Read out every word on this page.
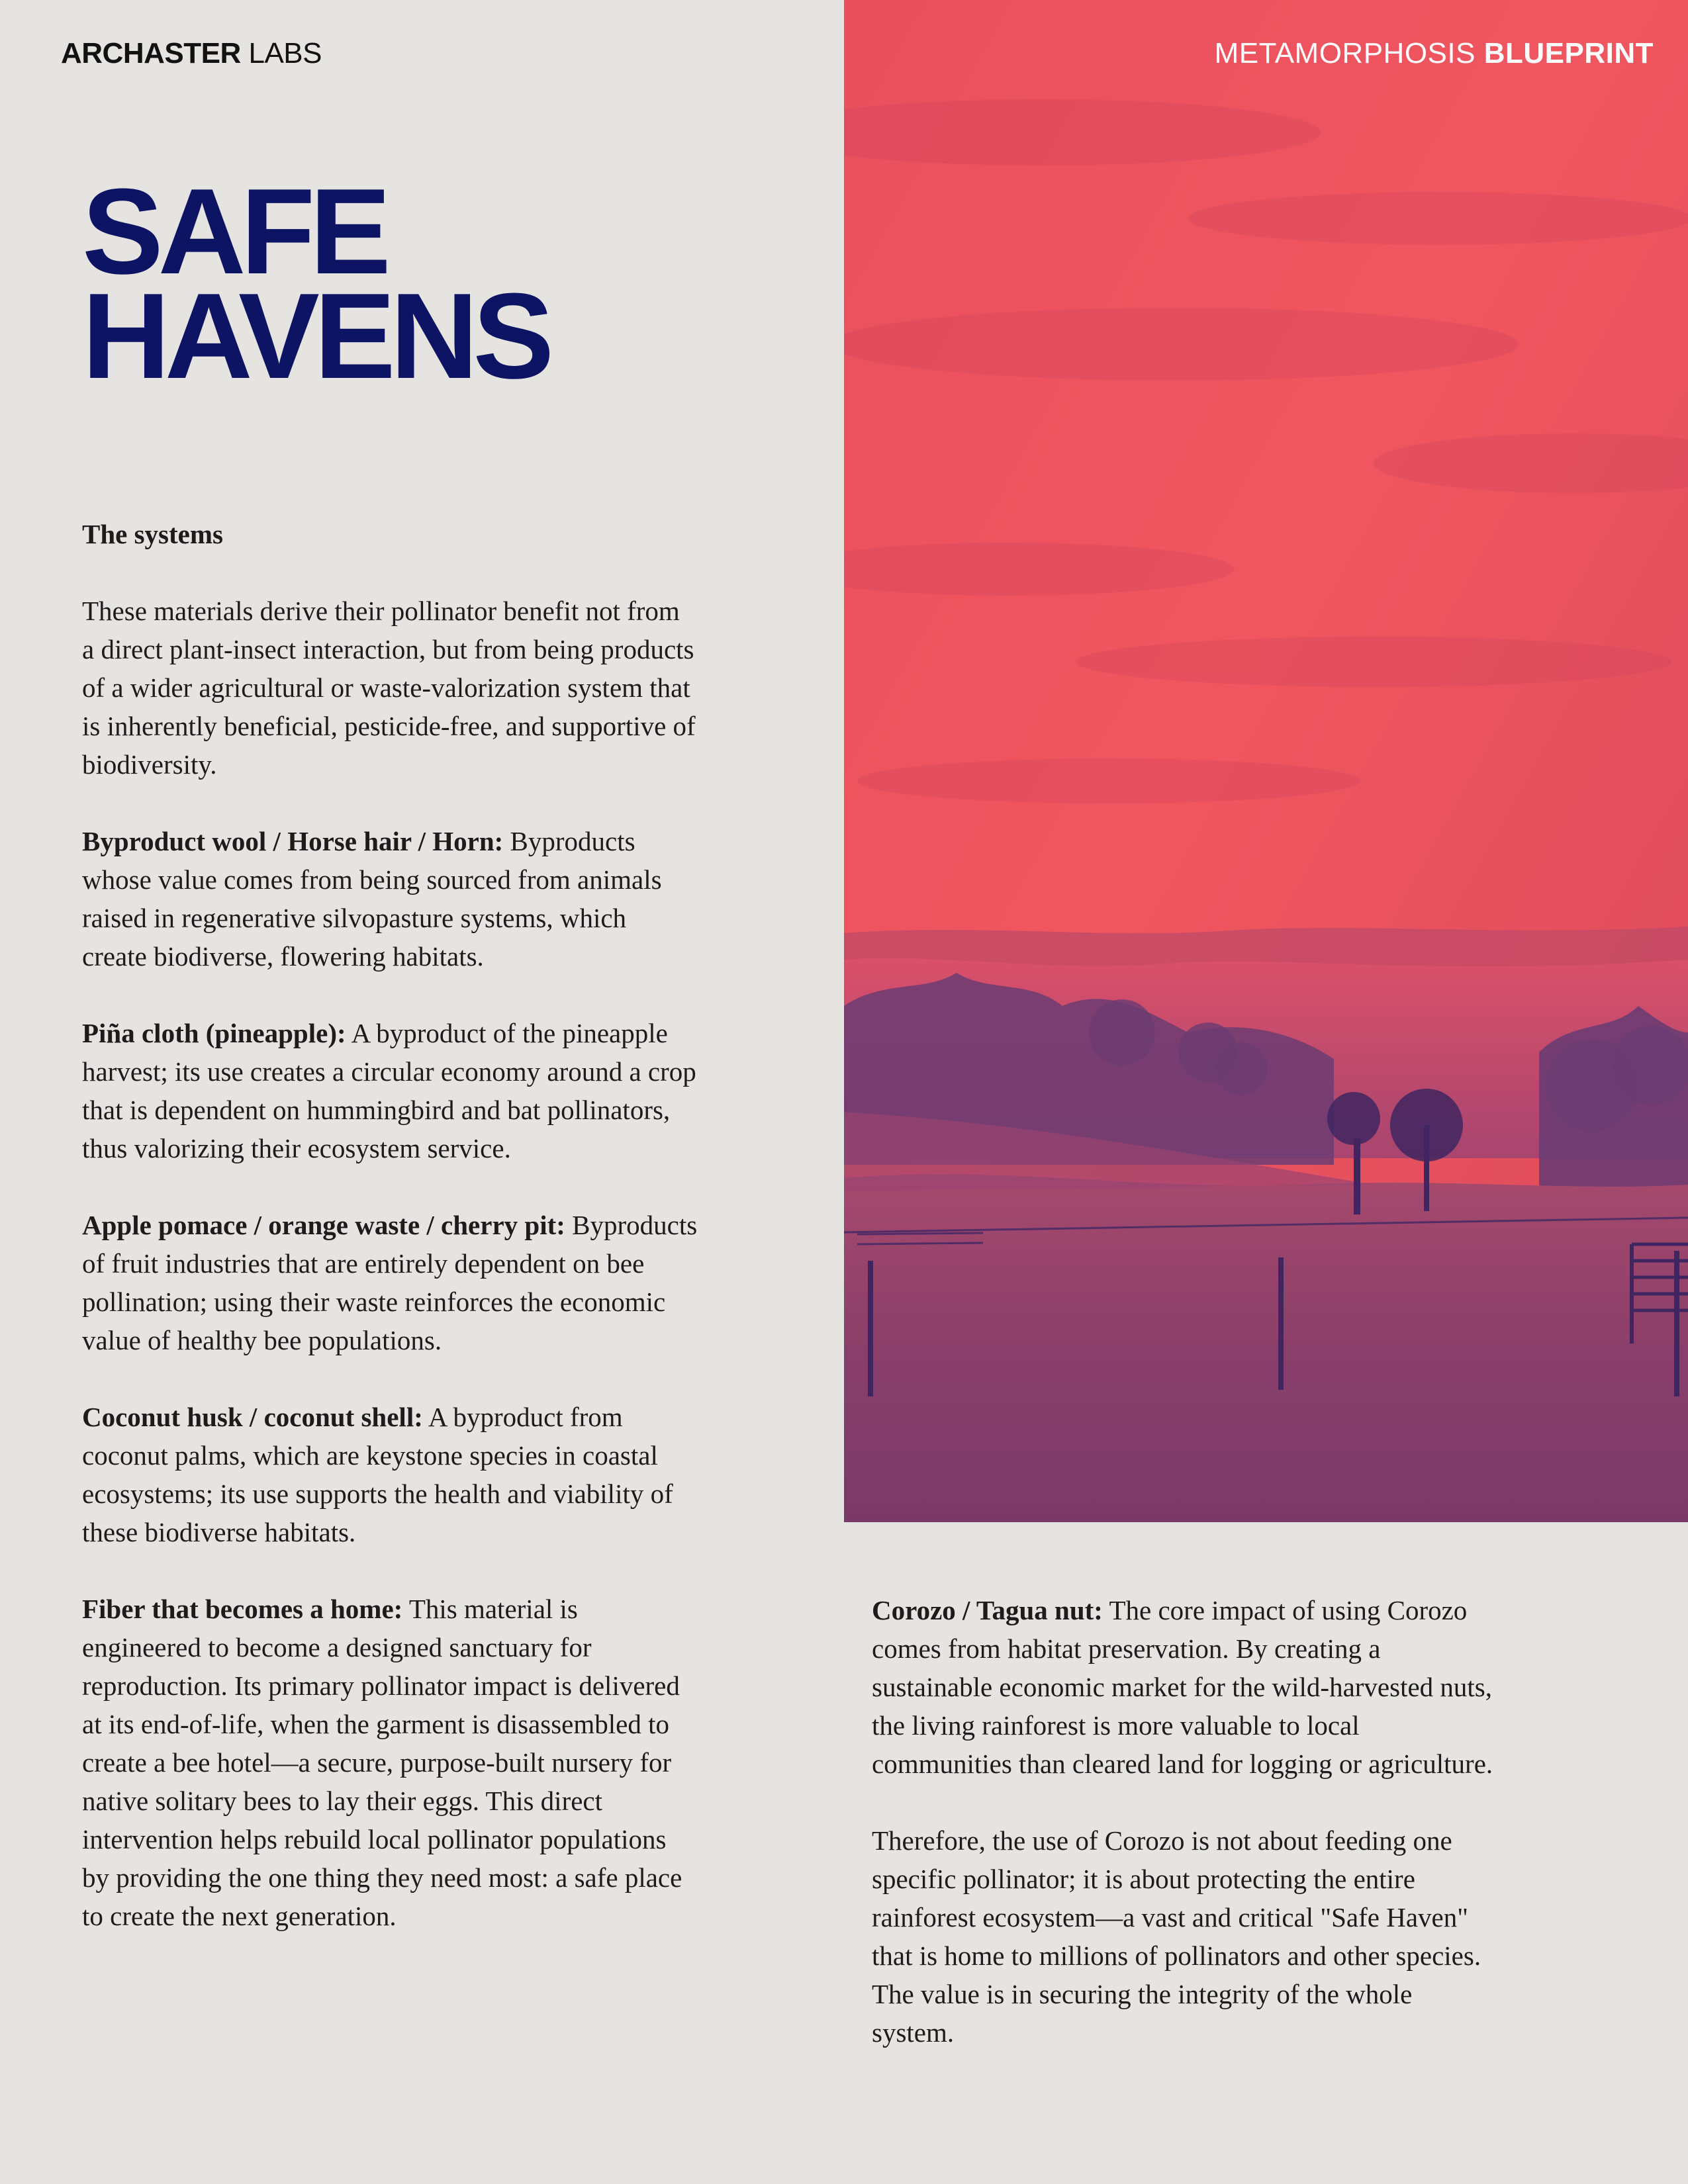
ARCHASTER LABS	METAMORPHOSIS BLUEPRINT
SAFE
HAVENS

The systems

These materials derive their pollinator benefit not from a direct plant-insect interaction, but from being products of a wider agricultural or waste-valorization system that is inherently beneficial, pesticide-free, and supportive of biodiversity.

Byproduct wool / Horse hair / Horn: Byproducts whose value comes from being sourced from animals raised in regenerative silvopasture systems, which create biodiverse, flowering habitats.

Piña cloth (pineapple): A byproduct of the pineapple harvest; its use creates a circular economy around a crop that is dependent on hummingbird and bat pollinators, thus valorizing their ecosystem service.

Apple pomace / orange waste / cherry pit: Byproducts of fruit industries that are entirely dependent on bee pollination; using their waste reinforces the economic value of healthy bee populations.

Coconut husk / coconut shell: A byproduct from coconut palms, which are keystone species in coastal ecosystems; its use supports the health and viability of these biodiverse habitats.

Fiber that becomes a home: This material is engineered to become a designed sanctuary for reproduction. Its primary pollinator impact is delivered at its end-of-life, when the garment is disassembled to create a bee hotel—a secure, purpose-built nursery for native solitary bees to lay their eggs. This direct intervention helps rebuild local pollinator populations by providing the one thing they need most: a safe place to create the next generation.

Corozo / Tagua nut: The core impact of using Corozo comes from habitat preservation. By creating a sustainable economic market for the wild-harvested nuts, the living rainforest is more valuable to local communities than cleared land for logging or agriculture.

Therefore, the use of Corozo is not about feeding one specific pollinator; it is about protecting the entire rainforest ecosystem—a vast and critical "Safe Haven" that is home to millions of pollinators and other species. The value is in securing the integrity of the whole system.
